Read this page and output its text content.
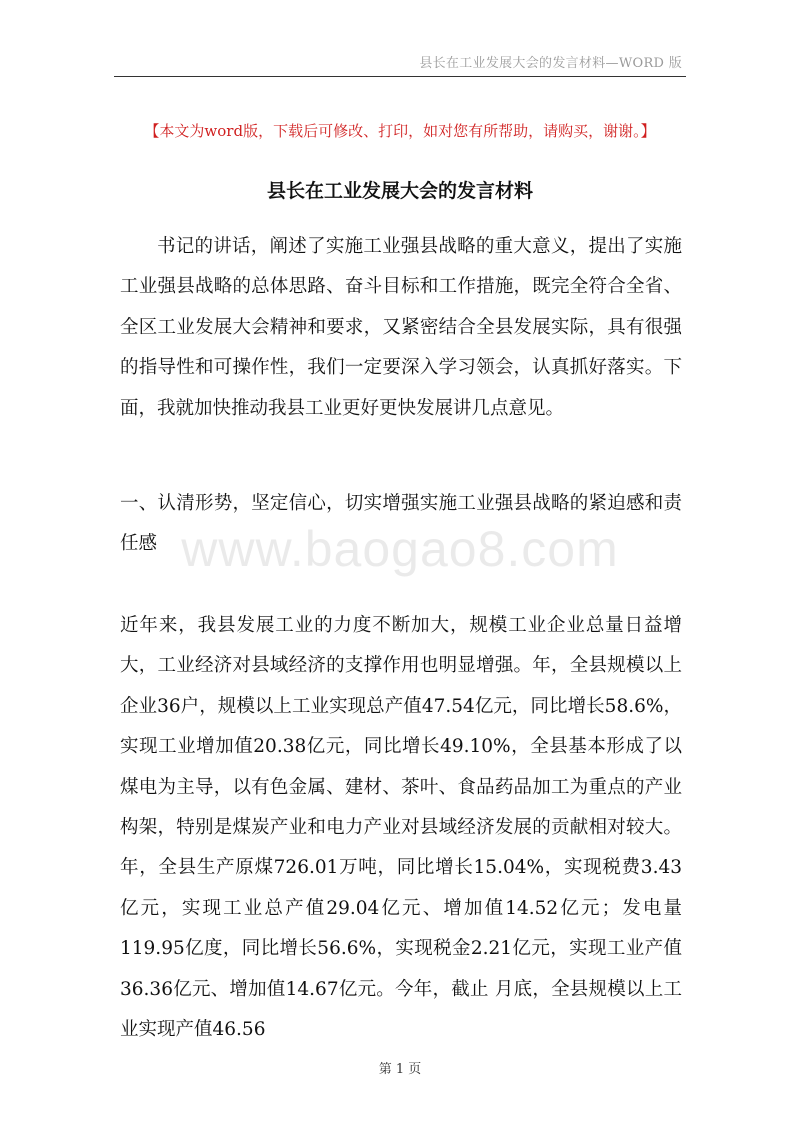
县长在工业发展大会的发言材料—WORD 版
【本文为word版，下载后可修改、打印，如对您有所帮助，请购买，谢谢。】
县长在工业发展大会的发言材料

书记的讲话，阐述了实施工业强县战略的重大意义，提出了实施工业强县战略的总体思路、奋斗目标和工作措施，既完全符合全省、全区工业发展大会精神和要求，又紧密结合全县发展实际，具有很强的指导性和可操作性，我们一定要深入学习领会，认真抓好落实。下面，我就加快推动我县工业更好更快发展讲几点意见。

一、认清形势，坚定信心，切实增强实施工业强县战略的紧迫感和责任感

近年来，我县发展工业的力度不断加大，规模工业企业总量日益增大，工业经济对县域经济的支撑作用也明显增强。年，全县规模以上企业36户，规模以上工业实现总产值47.54亿元，同比增长58.6%，实现工业增加值20.38亿元，同比增长49.10%，全县基本形成了以煤电为主导，以有色金属、建材、茶叶、食品药品加工为重点的产业构架，特别是煤炭产业和电力产业对县域经济发展的贡献相对较大。年，全县生产原煤726.01万吨，同比增长15.04%，实现税费3.43亿元，实现工业总产值29.04亿元、增加值14.52亿元；发电量119.95亿度，同比增长56.6%，实现税金2.21亿元，实现工业产值36.36亿元、增加值14.67亿元。今年，截止 月底，全县规模以上工业实现产值46.56

www.baogao8.com
第 1 页
